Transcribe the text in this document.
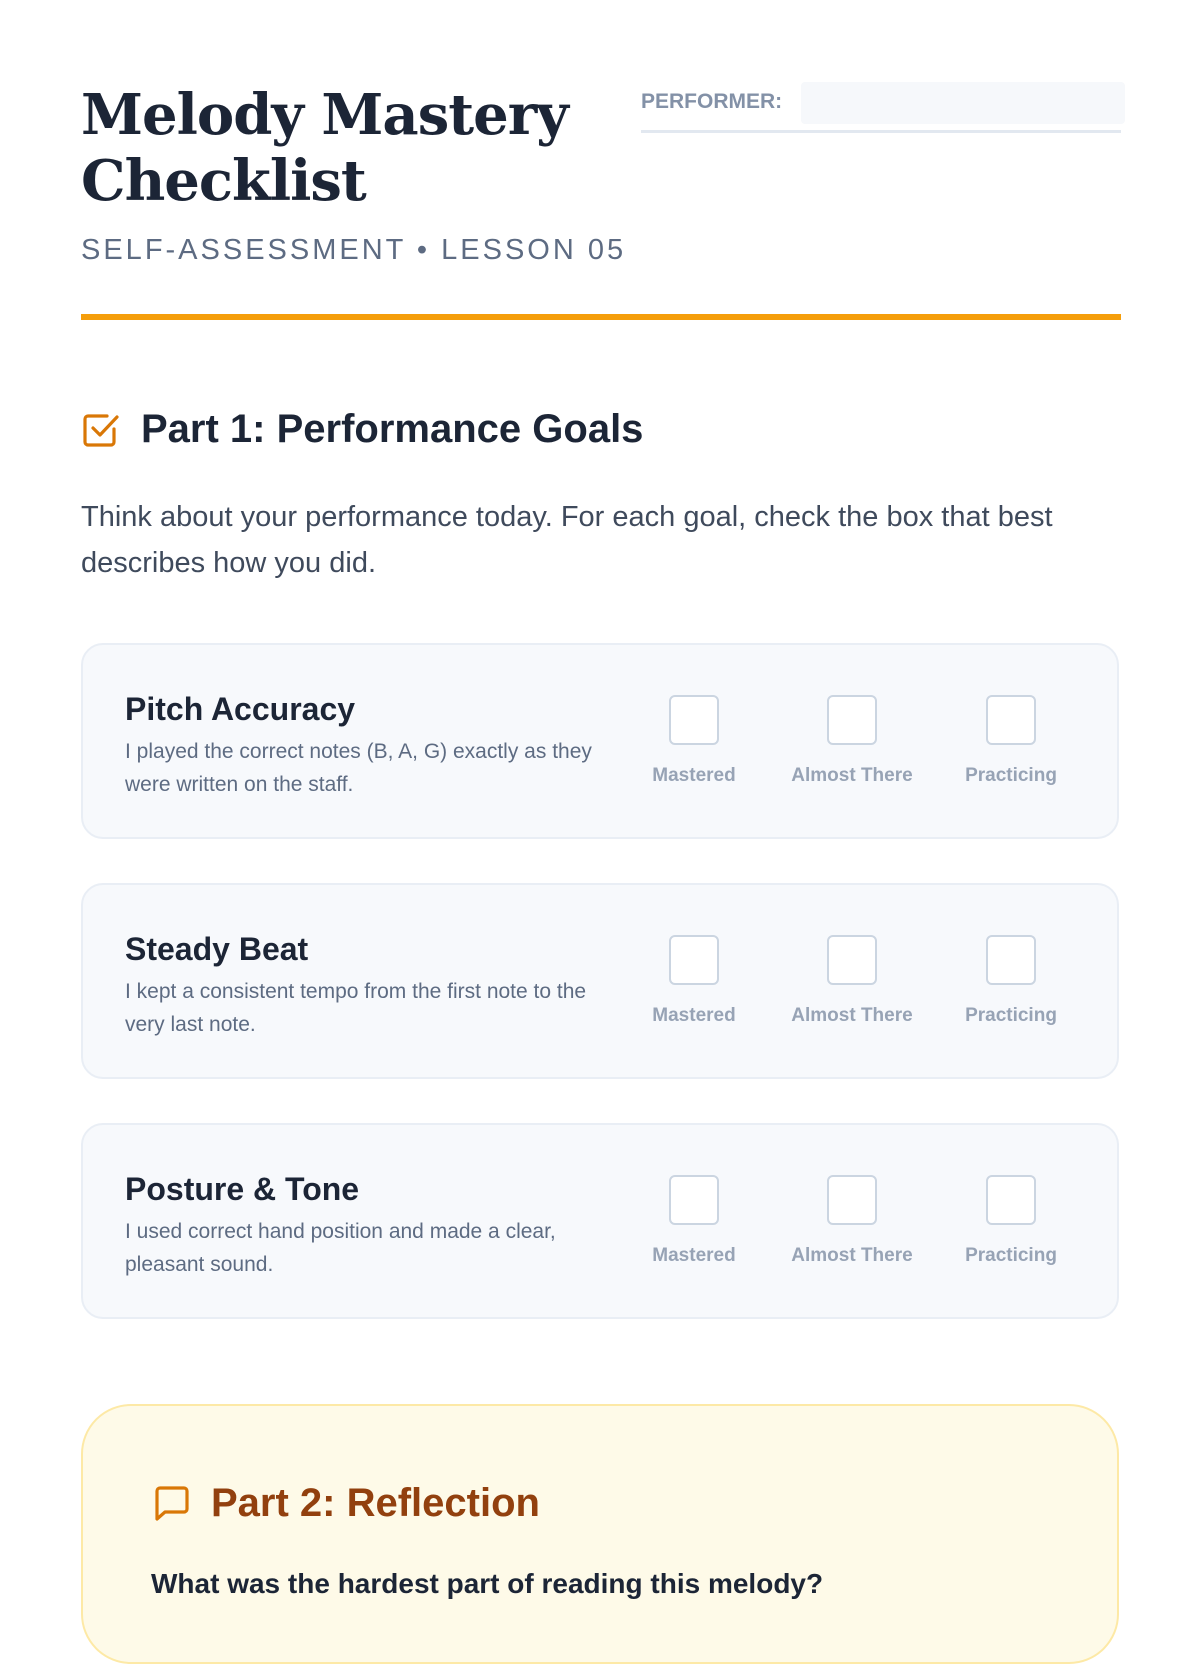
Melody Mastery Checklist
SELF-ASSESSMENT • LESSON 05
PERFORMER:
Part 1: Performance Goals
Think about your performance today. For each goal, check the box that best describes how you did.
Pitch Accuracy
I played the correct notes (B, A, G) exactly as they were written on the staff.	Mastered	Almost There	Practicing
Steady Beat
I kept a consistent tempo from the first note to the very last note.	Mastered	Almost There	Practicing
Posture & Tone
I used correct hand position and made a clear, pleasant sound.	Mastered	Almost There	Practicing
Part 2: Reflection
What was the hardest part of reading this melody?
